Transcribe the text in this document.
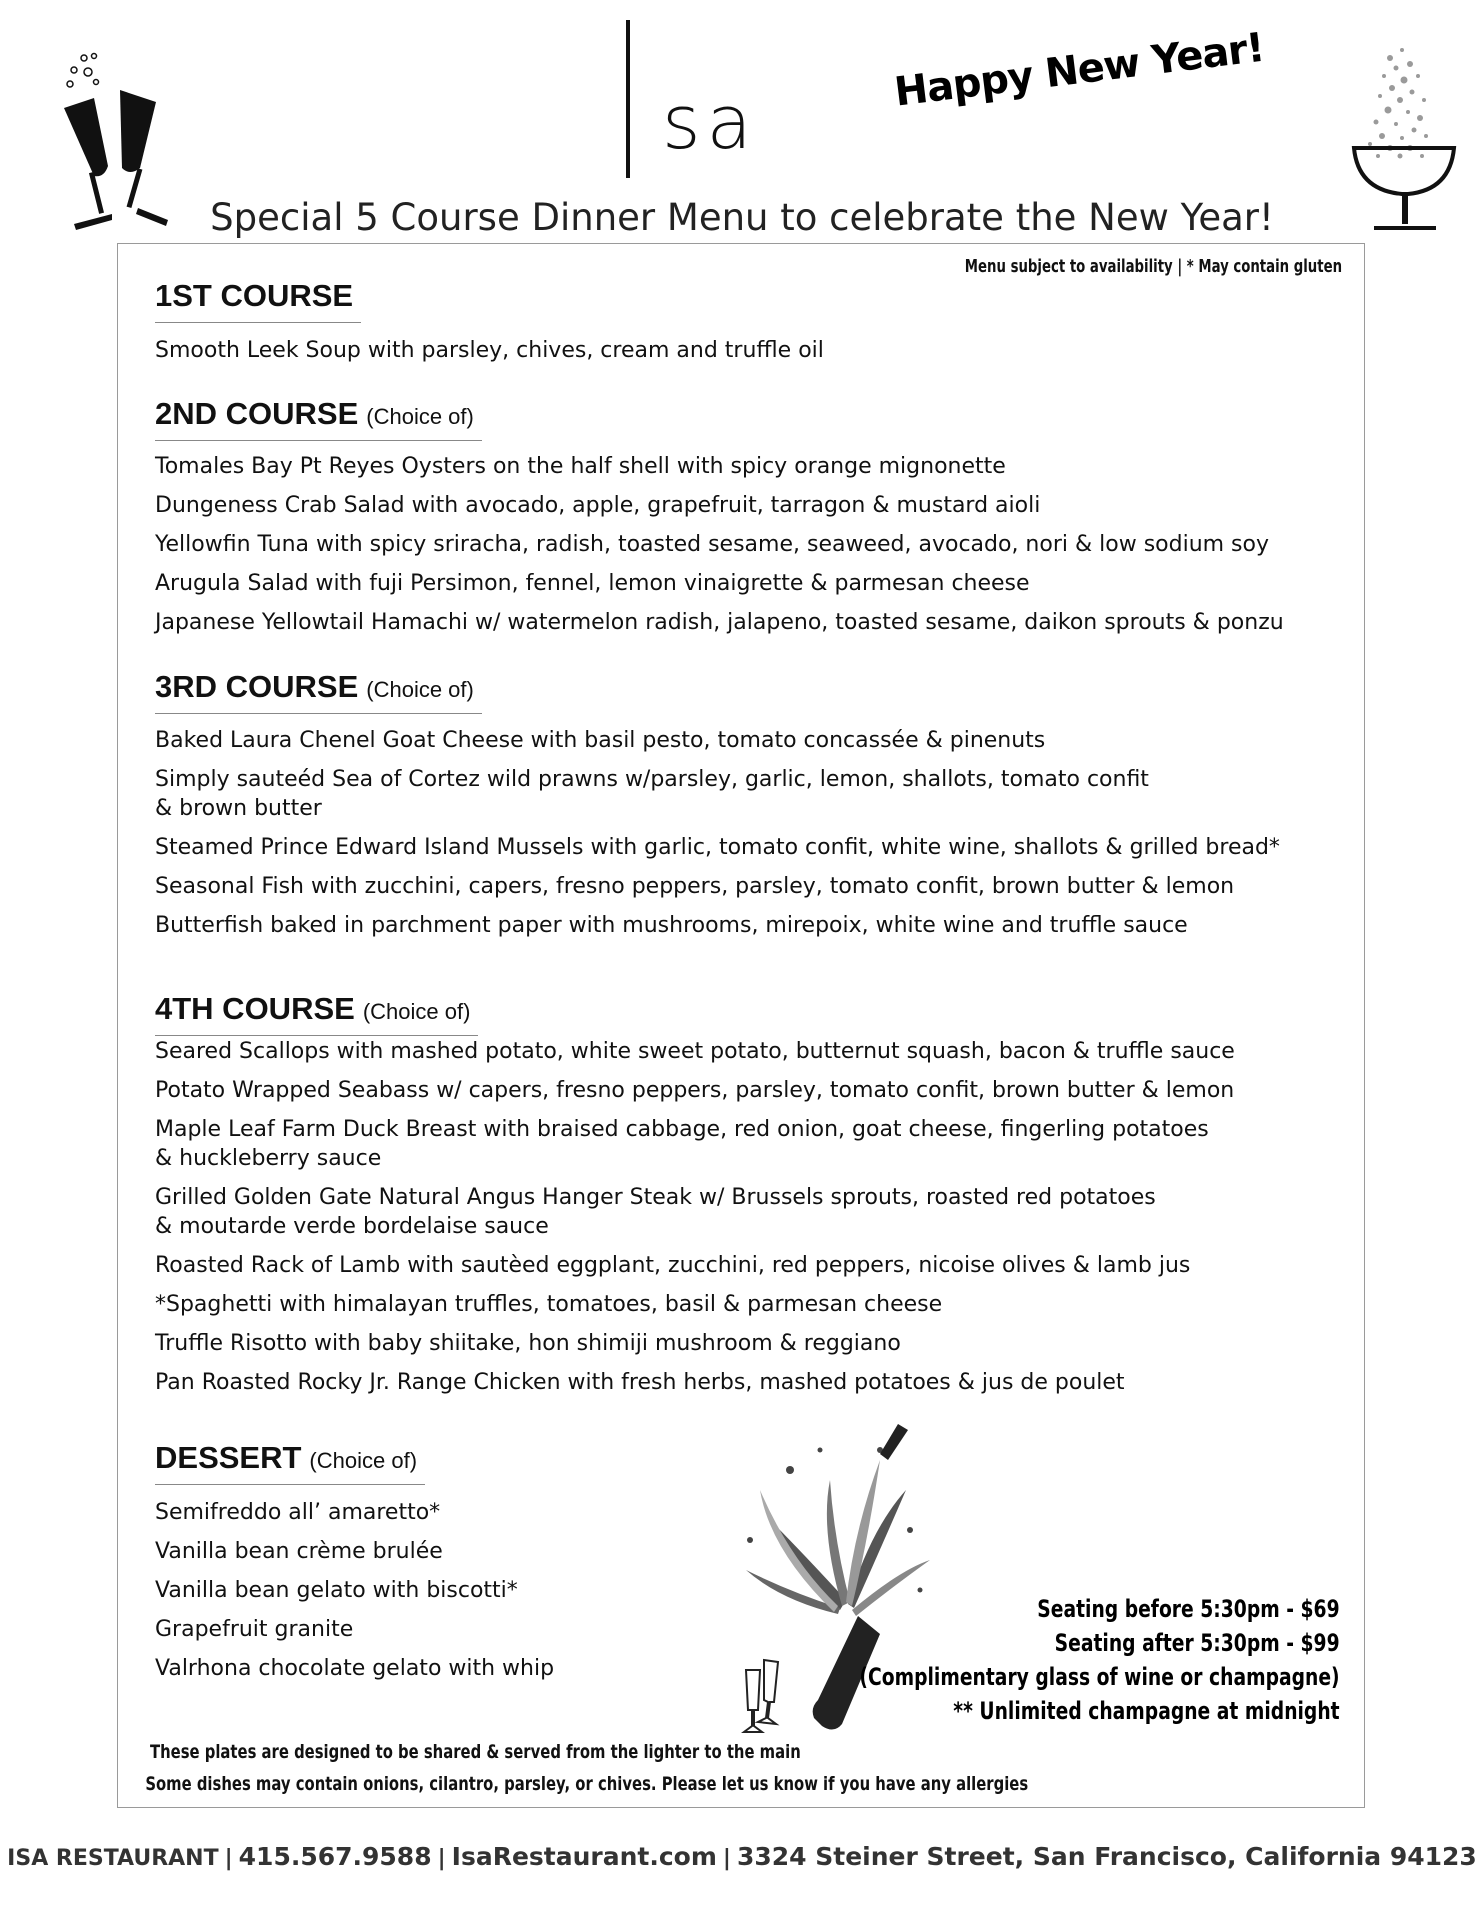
sa
Happy New Year!
Special 5 Course Dinner Menu to celebrate the New Year!
Menu subject to availability | * May contain gluten
1ST COURSE
Smooth Leek Soup with parsley, chives, cream and truffle oil
2ND COURSE (Choice of)
Tomales Bay Pt Reyes Oysters on the half shell with spicy orange mignonette
Dungeness Crab Salad with avocado, apple, grapefruit, tarragon & mustard aioli
Yellowfin Tuna with spicy sriracha, radish, toasted sesame, seaweed, avocado, nori & low sodium soy
Arugula Salad with fuji Persimon, fennel, lemon vinaigrette & parmesan cheese
Japanese Yellowtail Hamachi w/ watermelon radish, jalapeno, toasted sesame, daikon sprouts & ponzu
3RD COURSE (Choice of)
Baked Laura Chenel Goat Cheese with basil pesto, tomato concassée & pinenuts
Simply sauteéd Sea of Cortez wild prawns w/parsley, garlic, lemon, shallots, tomato confit
& brown butter
Steamed Prince Edward Island Mussels with garlic, tomato confit, white wine, shallots & grilled bread*
Seasonal Fish with zucchini, capers, fresno peppers, parsley, tomato confit, brown butter & lemon
Butterfish baked in parchment paper with mushrooms, mirepoix, white wine and truffle sauce
4TH COURSE (Choice of)
Seared Scallops with mashed potato, white sweet potato, butternut squash, bacon & truffle sauce
Potato Wrapped Seabass w/ capers, fresno peppers, parsley, tomato confit, brown butter & lemon
Maple Leaf Farm Duck Breast with braised cabbage, red onion, goat cheese, fingerling potatoes
& huckleberry sauce
Grilled Golden Gate Natural Angus Hanger Steak w/ Brussels sprouts, roasted red potatoes
& moutarde verde bordelaise sauce
Roasted Rack of Lamb with sautèed eggplant, zucchini, red peppers, nicoise olives & lamb jus
*Spaghetti with himalayan truffles, tomatoes, basil & parmesan cheese
Truffle Risotto with baby shiitake, hon shimiji mushroom & reggiano
Pan Roasted Rocky Jr. Range Chicken with fresh herbs, mashed potatoes & jus de poulet
DESSERT (Choice of)
Semifreddo all’ amaretto*
Vanilla bean crème brulée
Vanilla bean gelato with biscotti*
Grapefruit granite
Valrhona chocolate gelato with whip
Seating before 5:30pm - $69
Seating after 5:30pm - $99
(Complimentary glass of wine or champagne)
** Unlimited champagne at midnight
These plates are designed to be shared & served from the lighter to the main
Some dishes may contain onions, cilantro, parsley, or chives. Please let us know if you have any allergies
ISA RESTAURANT | 415.567.9588 | IsaRestaurant.com | 3324 Steiner Street, San Francisco, California 94123
